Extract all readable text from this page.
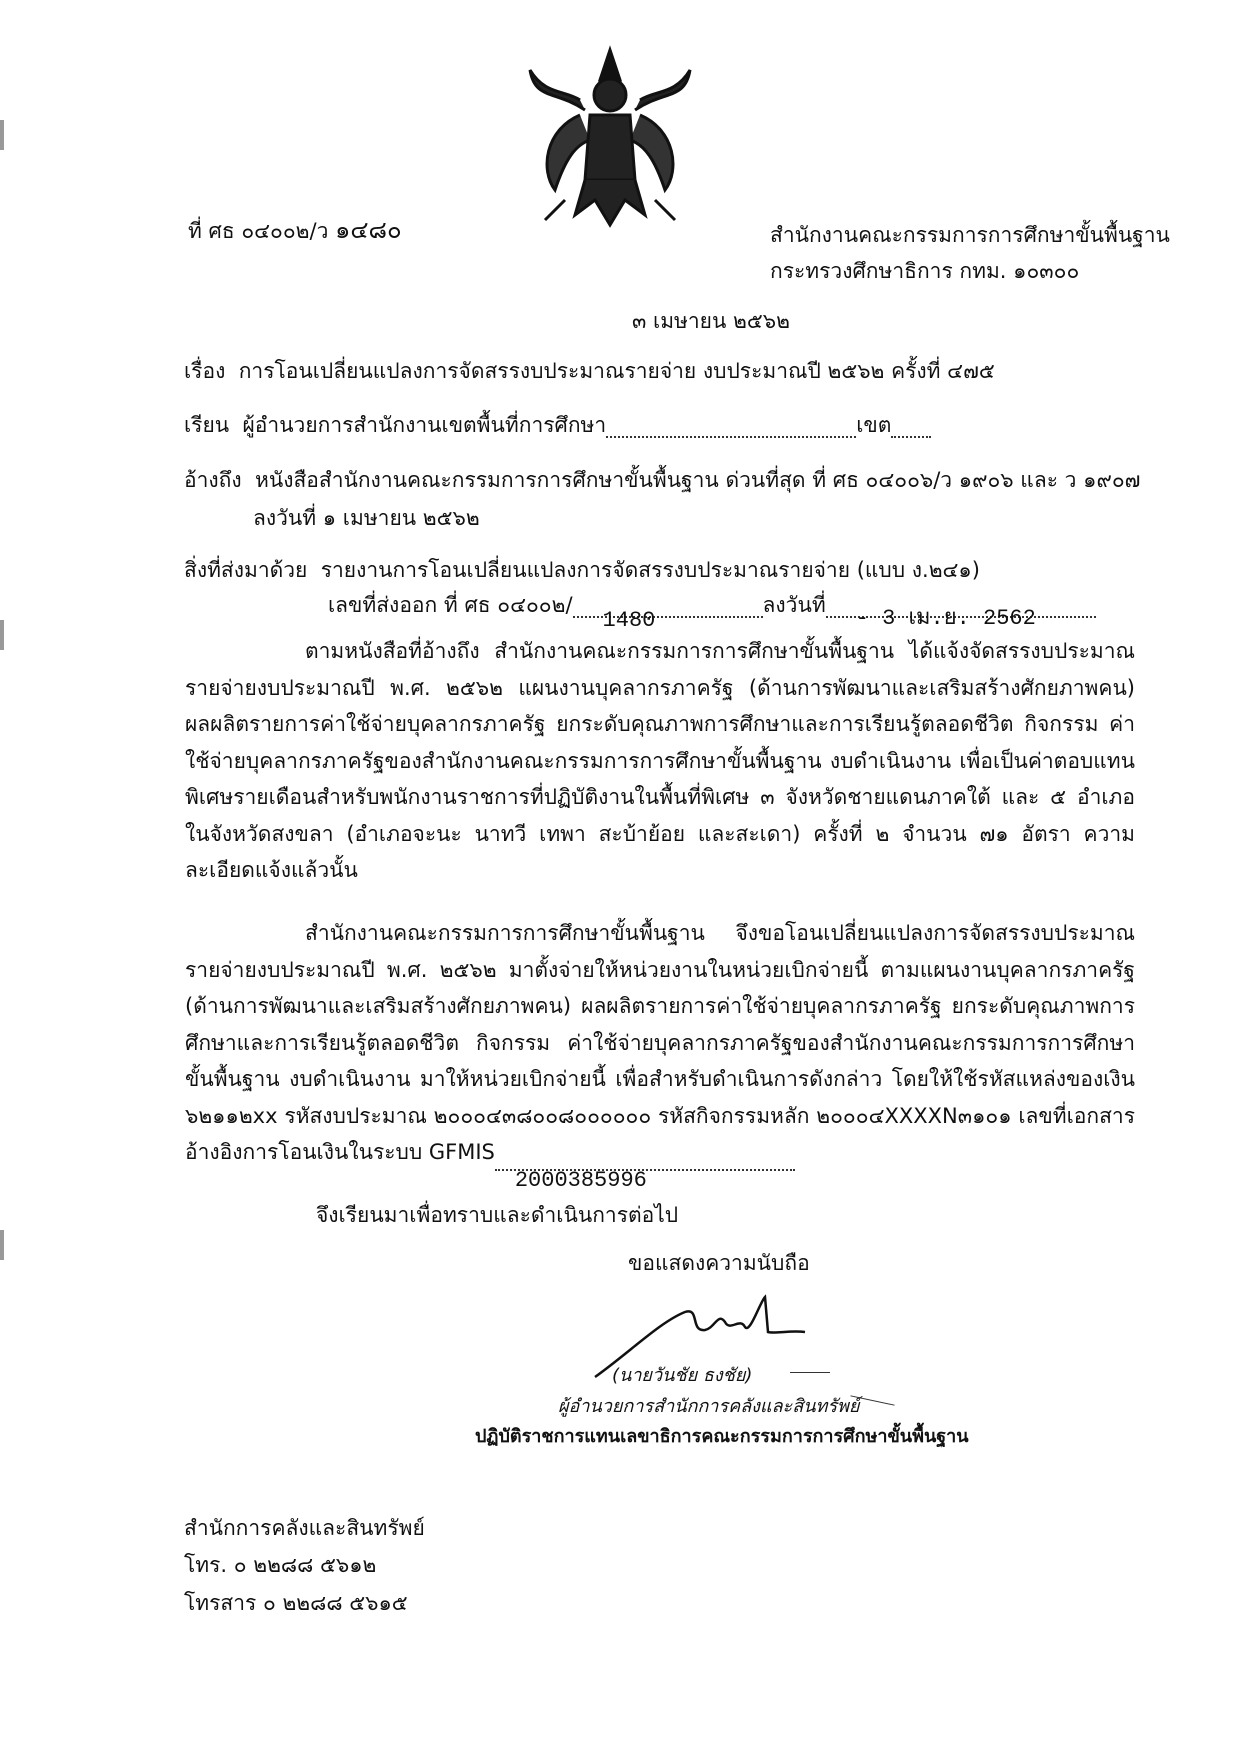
ที่ ศธ ๐๔๐๐๒/ว ๑๔๘๐	สำนักงานคณะกรรมการการศึกษาขั้นพื้นฐาน
กระทรวงศึกษาธิการ กทม. ๑๐๓๐๐
๓ เมษายน ๒๕๖๒
เรื่อง การโอนเปลี่ยนแปลงการจัดสรรงบประมาณรายจ่าย งบประมาณปี ๒๕๖๒ ครั้งที่ ๔๗๕
เรียน ผู้อำนวยการสำนักงานเขตพื้นที่การศึกษา	เขต
อ้างถึง หนังสือสำนักงานคณะกรรมการการศึกษาขั้นพื้นฐาน ด่วนที่สุด ที่ ศธ ๐๔๐๐๖/ว ๑๙๐๖ และ ว ๑๙๐๗
ลงวันที่ ๑ เมษายน ๒๕๖๒
สิ่งที่ส่งมาด้วย รายงานการโอนเปลี่ยนแปลงการจัดสรรงบประมาณรายจ่าย (แบบ ง.๒๔๑)
เลขที่ส่งออก ที่ ศธ ๐๔๐๐๒/
1480
ลงวันที่
- 3 เม.ย. 2562
ตามหนังสือที่อ้างถึง สำนักงานคณะกรรมการการศึกษาขั้นพื้นฐาน ได้แจ้งจัดสรรงบประมาณรายจ่ายงบประมาณปี พ.ศ. ๒๕๖๒ แผนงานบุคลากรภาครัฐ (ด้านการพัฒนาและเสริมสร้างศักยภาพคน) ผลผลิตรายการค่าใช้จ่ายบุคลากรภาครัฐ ยกระดับคุณภาพการศึกษาและการเรียนรู้ตลอดชีวิต กิจกรรม ค่าใช้จ่ายบุคลากรภาครัฐของสำนักงานคณะกรรมการการศึกษาขั้นพื้นฐาน งบดำเนินงาน เพื่อเป็นค่าตอบแทนพิเศษรายเดือนสำหรับพนักงานราชการที่ปฏิบัติงานในพื้นที่พิเศษ ๓ จังหวัดชายแดนภาคใต้ และ ๕ อำเภอในจังหวัดสงขลา (อำเภอจะนะ นาทวี เทพา สะบ้าย้อย และสะเดา) ครั้งที่ ๒ จำนวน ๗๑ อัตรา ความละเอียดแจ้งแล้วนั้น
สำนักงานคณะกรรมการการศึกษาขั้นพื้นฐาน จึงขอโอนเปลี่ยนแปลงการจัดสรรงบประมาณรายจ่ายงบประมาณปี พ.ศ. ๒๕๖๒ มาตั้งจ่ายให้หน่วยงานในหน่วยเบิกจ่ายนี้ ตามแผนงานบุคลากรภาครัฐ (ด้านการพัฒนาและเสริมสร้างศักยภาพคน) ผลผลิตรายการค่าใช้จ่ายบุคลากรภาครัฐ ยกระดับคุณภาพการศึกษาและการเรียนรู้ตลอดชีวิต กิจกรรม ค่าใช้จ่ายบุคลากรภาครัฐของสำนักงานคณะกรรมการการศึกษาขั้นพื้นฐาน งบดำเนินงาน มาให้หน่วยเบิกจ่ายนี้ เพื่อสำหรับดำเนินการดังกล่าว โดยให้ใช้รหัสแหล่งของเงิน ๖๒๑๑๒xx รหัสงบประมาณ ๒๐๐๐๔๓๘๐๐๘๐๐๐๐๐๐ รหัสกิจกรรมหลัก ๒๐๐๐๔XXXXN๓๑๐๑ เลขที่เอกสารอ้างอิงการโอนเงินในระบบ GFMIS
2000385996
จึงเรียนมาเพื่อทราบและดำเนินการต่อไป
ขอแสดงความนับถือ
(นายวันชัย ธงชัย)
ผู้อำนวยการสำนักการคลังและสินทรัพย์
ปฏิบัติราชการแทนเลขาธิการคณะกรรมการการศึกษาขั้นพื้นฐาน
สำนักการคลังและสินทรัพย์
โทร. ๐ ๒๒๘๘ ๕๖๑๒
โทรสาร ๐ ๒๒๘๘ ๕๖๑๕
